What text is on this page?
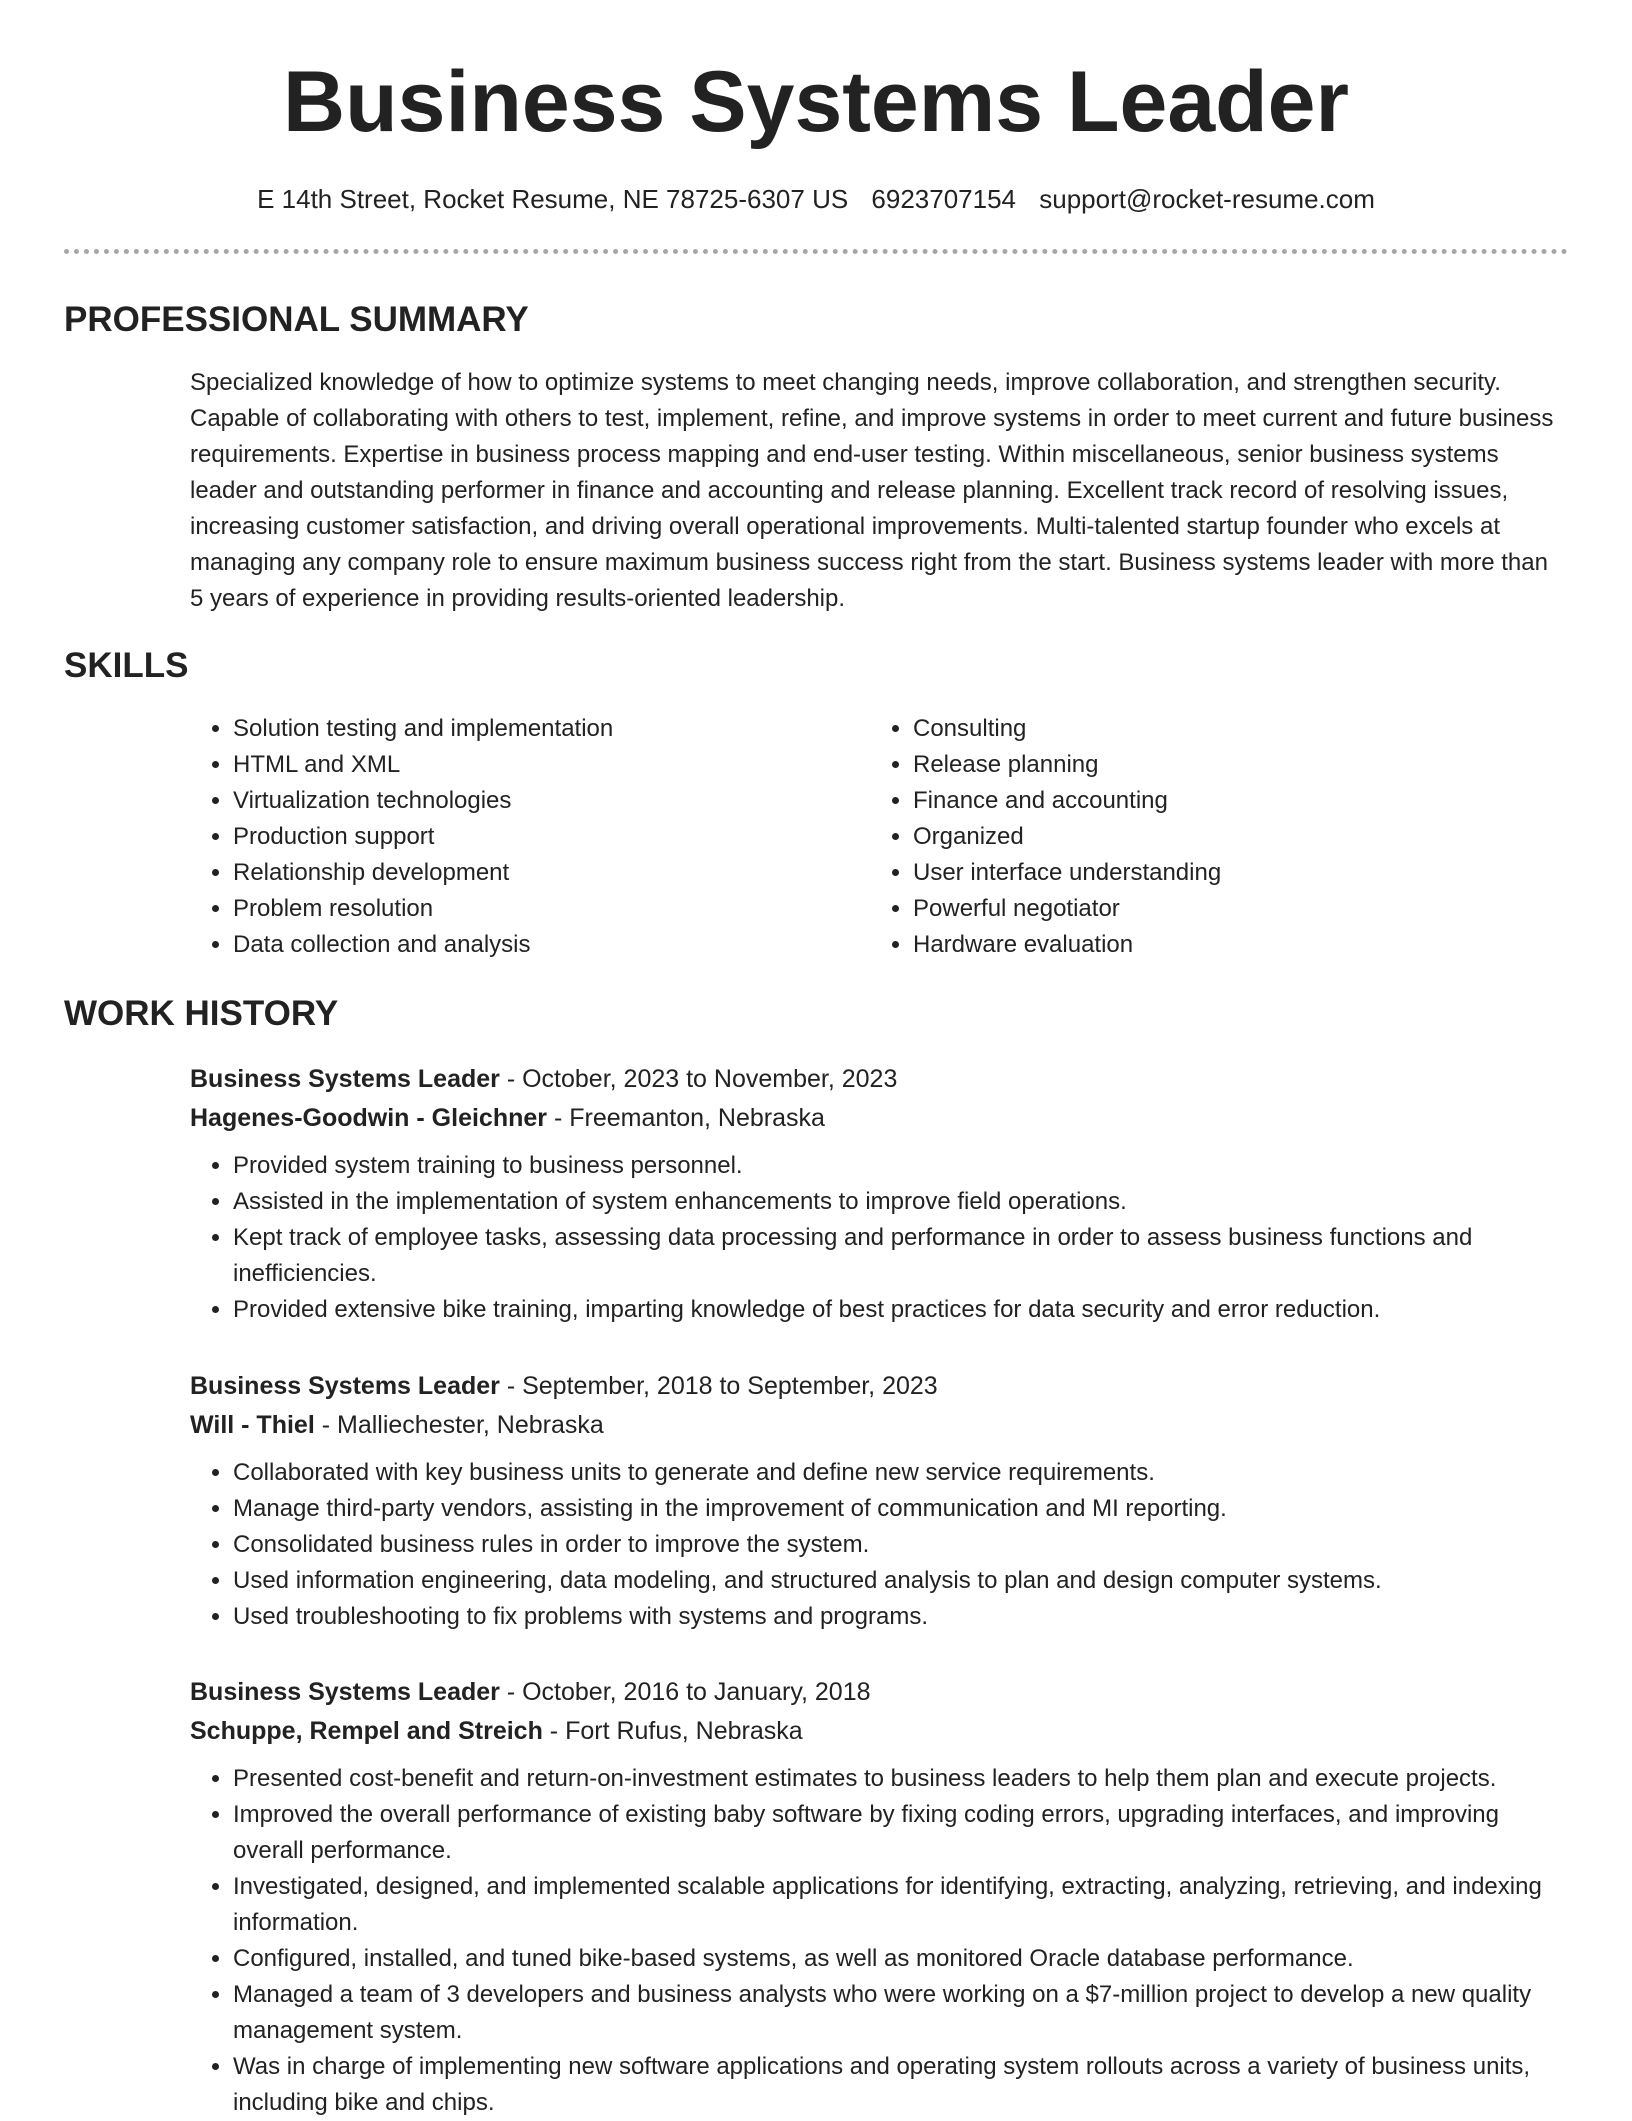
Business Systems Leader
E 14th Street, Rocket Resume, NE 78725-6307 US 6923707154 support@rocket-resume.com
PROFESSIONAL SUMMARY

Specialized knowledge of how to optimize systems to meet changing needs, improve collaboration, and strengthen security. Capable of collaborating with others to test, implement, refine, and improve systems in order to meet current and future business requirements. Expertise in business process mapping and end-user testing. Within miscellaneous, senior business systems leader and outstanding performer in finance and accounting and release planning. Excellent track record of resolving issues, increasing customer satisfaction, and driving overall operational improvements. Multi-talented startup founder who excels at managing any company role to ensure maximum business success right from the start. Business systems leader with more than 5 years of experience in providing results-oriented leadership.

SKILLS
• Solution testing and implementation
• HTML and XML
• Virtualization technologies
• Production support
• Relationship development
• Problem resolution
• Data collection and analysis
• Consulting
• Release planning
• Finance and accounting
• Organized
• User interface understanding
• Powerful negotiator
• Hardware evaluation
WORK HISTORY
Business Systems Leader - October, 2023 to November, 2023
Hagenes-Goodwin - Gleichner - Freemanton, Nebraska
• Provided system training to business personnel.
• Assisted in the implementation of system enhancements to improve field operations.
• Kept track of employee tasks, assessing data processing and performance in order to assess business functions and inefficiencies.
• Provided extensive bike training, imparting knowledge of best practices for data security and error reduction.
Business Systems Leader - September, 2018 to September, 2023
Will - Thiel - Malliechester, Nebraska
• Collaborated with key business units to generate and define new service requirements.
• Manage third-party vendors, assisting in the improvement of communication and MI reporting.
• Consolidated business rules in order to improve the system.
• Used information engineering, data modeling, and structured analysis to plan and design computer systems.
• Used troubleshooting to fix problems with systems and programs.
Business Systems Leader - October, 2016 to January, 2018
Schuppe, Rempel and Streich - Fort Rufus, Nebraska
• Presented cost-benefit and return-on-investment estimates to business leaders to help them plan and execute projects.
• Improved the overall performance of existing baby software by fixing coding errors, upgrading interfaces, and improving overall performance.
• Investigated, designed, and implemented scalable applications for identifying, extracting, analyzing, retrieving, and indexing information.
• Configured, installed, and tuned bike-based systems, as well as monitored Oracle database performance.
• Managed a team of 3 developers and business analysts who were working on a $7-million project to develop a new quality management system.
• Was in charge of implementing new software applications and operating system rollouts across a variety of business units, including bike and chips.
